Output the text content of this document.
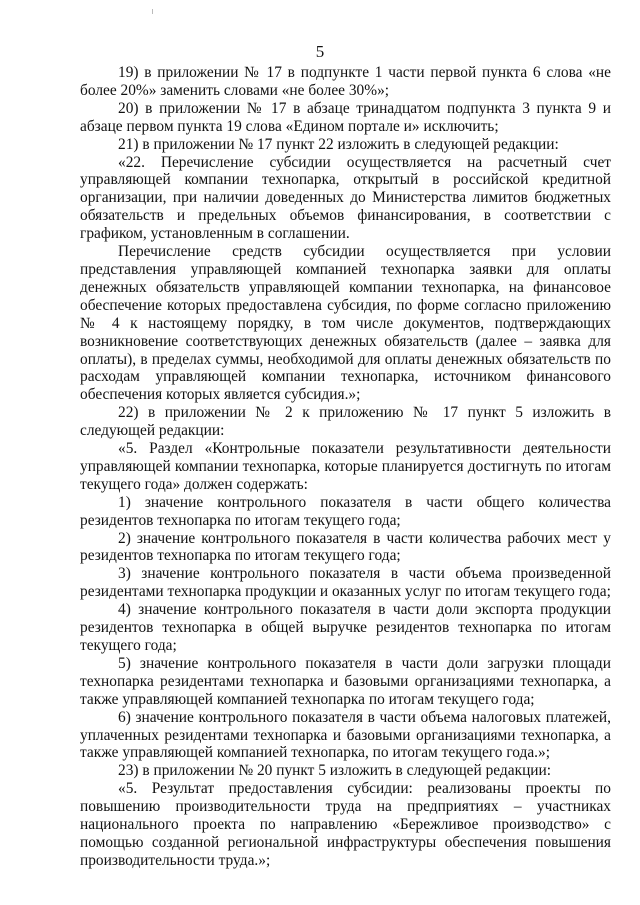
5

19) в приложении № 17 в подпункте 1 части первой пункта 6 слова «не более 20%» заменить словами «не более 30%»;

20) в приложении № 17 в абзаце тринадцатом подпункта 3 пункта 9 и абзаце первом пункта 19 слова «Едином портале и» исключить;

21) в приложении № 17 пункт 22 изложить в следующей редакции:

«22. Перечисление субсидии осуществляется на расчетный счет управляющей компании технопарка, открытый в российской кредитной организации, при наличии доведенных до Министерства лимитов бюджетных обязательств и предельных объемов финансирования, в соответствии с графиком, установленным в соглашении.

Перечисление средств субсидии осуществляется при условии представления управляющей компанией технопарка заявки для оплаты денежных обязательств управляющей компании технопарка, на финансовое обеспечение которых предоставлена субсидия, по форме согласно приложению № 4 к настоящему порядку, в том числе документов, подтверждающих возникновение соответствующих денежных обязательств (далее – заявка для оплаты), в пределах суммы, необходимой для оплаты денежных обязательств по расходам управляющей компании технопарка, источником финансового обеспечения которых является субсидия.»;

22) в приложении № 2 к приложению № 17 пункт 5 изложить в следующей редакции:

«5. Раздел «Контрольные показатели результативности деятельности управляющей компании технопарка, которые планируется достигнуть по итогам текущего года» должен содержать:

1) значение контрольного показателя в части общего количества резидентов технопарка по итогам текущего года;

2) значение контрольного показателя в части количества рабочих мест у резидентов технопарка по итогам текущего года;

3) значение контрольного показателя в части объема произведенной резидентами технопарка продукции и оказанных услуг по итогам текущего года;

4) значение контрольного показателя в части доли экспорта продукции резидентов технопарка в общей выручке резидентов технопарка по итогам текущего года;

5) значение контрольного показателя в части доли загрузки площади технопарка резидентами технопарка и базовыми организациями технопарка, а также управляющей компанией технопарка по итогам текущего года;

6) значение контрольного показателя в части объема налоговых платежей, уплаченных резидентами технопарка и базовыми организациями технопарка, а также управляющей компанией технопарка, по итогам текущего года.»;

23) в приложении № 20 пункт 5 изложить в следующей редакции:

«5. Результат предоставления субсидии: реализованы проекты по повышению производительности труда на предприятиях – участниках национального проекта по направлению «Бережливое производство» с помощью созданной региональной инфраструктуры обеспечения повышения производительности труда.»;
